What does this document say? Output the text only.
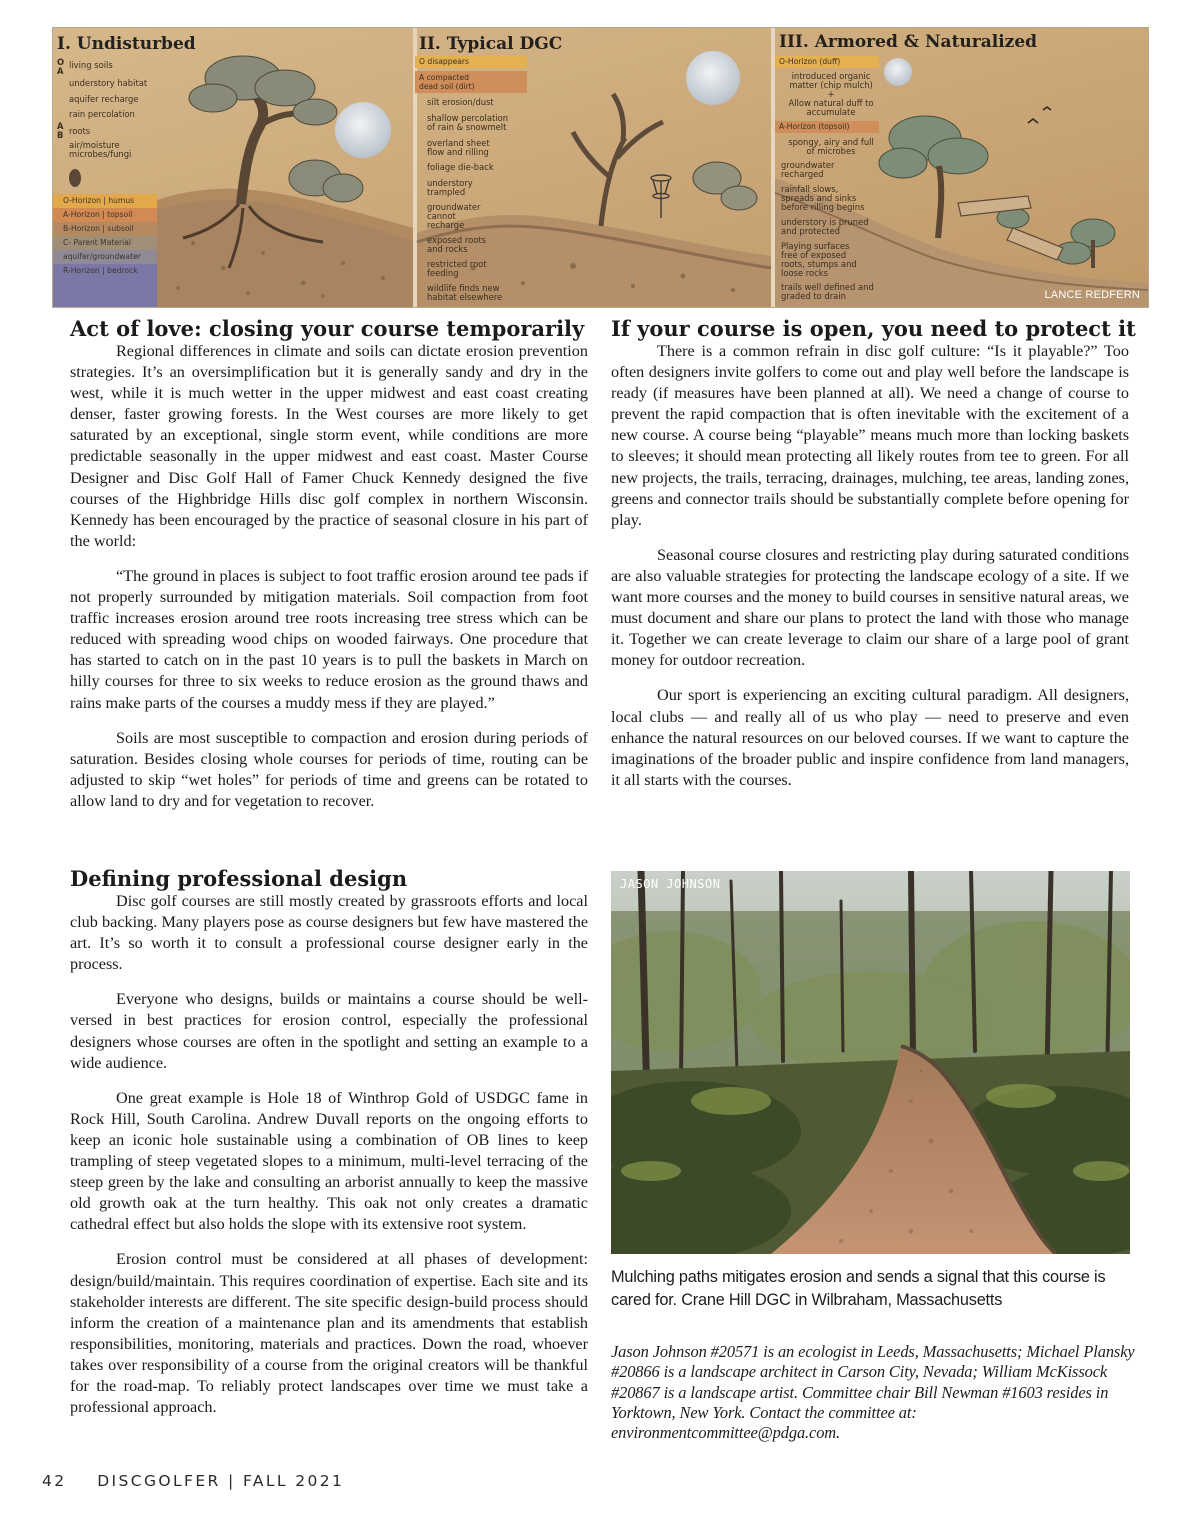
I. Undisturbed
O
A
A
B
living soils
understory habitat
aquifer recharge
rain percolation
roots
air/moisture
microbes/fungi
O-Horizon | humus
A-Horizon | topsoil
B-Horizon | subsoil
C- Parent Material
aquifer/groundwater
R-Horizon | bedrock
II. Typical DGC
O disappears
A compacted
dead soil (dirt)
silt erosion/dust
shallow percolation
of rain & snowmelt
overland sheet
flow and rilling
foliage die-back
understory
trampled
groundwater
cannot
recharge
exposed roots
and rocks
restricted root
feeding
wildlife finds new
habitat elsewhere
III. Armored & Naturalized
O-Horizon (duff)
introduced organic
matter (chip mulch)
+
Allow natural duff to
accumulate
A-Horizon (topsoil)
spongy, airy and full
of microbes
groundwater
recharged
rainfall slows,
spreads and sinks
before rilling begins
understory is pruned
and protected
Playing surfaces
free of exposed
roots, stumps and
loose rocks
trails well defined and
graded to drain	LANCE REDFERN
Act of love: closing your course temporarily

Regional differences in climate and soils can dictate erosion prevention strategies. It’s an oversimplification but it is generally sandy and dry in the west, while it is much wetter in the upper midwest and east coast creating denser, faster growing forests. In the West courses are more likely to get saturated by an exceptional, single storm event, while conditions are more predictable seasonally in the upper midwest and east coast. Master Course Designer and Disc Golf Hall of Famer Chuck Kennedy designed the five courses of the Highbridge Hills disc golf complex in northern Wisconsin. Kennedy has been encouraged by the practice of seasonal closure in his part of the world:

“The ground in places is subject to foot traffic erosion around tee pads if not properly surrounded by mitigation materials. Soil compaction from foot traffic increases erosion around tree roots increasing tree stress which can be reduced with spreading wood chips on wooded fairways. One procedure that has started to catch on in the past 10 years is to pull the baskets in March on hilly courses for three to six weeks to reduce erosion as the ground thaws and rains make parts of the courses a muddy mess if they are played.”

Soils are most susceptible to compaction and erosion during periods of saturation. Besides closing whole courses for periods of time, routing can be adjusted to skip “wet holes” for periods of time and greens can be rotated to allow land to dry and for vegetation to recover.

Defining professional design

Disc golf courses are still mostly created by grassroots efforts and local club backing. Many players pose as course designers but few have mastered the art. It’s so worth it to consult a professional course designer early in the process.

Everyone who designs, builds or maintains a course should be well-versed in best practices for erosion control, especially the professional designers whose courses are often in the spotlight and setting an example to a wide audience.

One great example is Hole 18 of Winthrop Gold of USDGC fame in Rock Hill, South Carolina. Andrew Duvall reports on the ongoing efforts to keep an iconic hole sustainable using a combination of OB lines to keep trampling of steep vegetated slopes to a minimum, multi-level terracing of the steep green by the lake and consulting an arborist annually to keep the massive old growth oak at the turn healthy. This oak not only creates a dramatic cathedral effect but also holds the slope with its extensive root system.

Erosion control must be considered at all phases of development: design/build/maintain. This requires coordination of expertise. Each site and its stakeholder interests are different. The site specific design-build process should inform the creation of a maintenance plan and its amendments that establish responsibilities, monitoring, materials and practices. Down the road, whoever takes over responsibility of a course from the original creators will be thankful for the road-map. To reliably protect landscapes over time we must take a professional approach.

If your course is open, you need to protect it

There is a common refrain in disc golf culture: “Is it playable?” Too often designers invite golfers to come out and play well before the landscape is ready (if measures have been planned at all). We need a change of course to prevent the rapid compaction that is often inevitable with the excitement of a new course. A course being “playable” means much more than locking baskets to sleeves; it should mean protecting all likely routes from tee to green. For all new projects, the trails, terracing, drainages, mulching, tee areas, landing zones, greens and connector trails should be substantially complete before opening for play.

Seasonal course closures and restricting play during saturated conditions are also valuable strategies for protecting the landscape ecology of a site. If we want more courses and the money to build courses in sensitive natural areas, we must document and share our plans to protect the land with those who manage it. Together we can create leverage to claim our share of a large pool of grant money for outdoor recreation.

Our sport is experiencing an exciting cultural paradigm. All designers, local clubs — and really all of us who play — need to preserve and even enhance the natural resources on our beloved courses. If we want to capture the imaginations of the broader public and inspire confidence from land managers, it all starts with the courses.

JASON JOHNSON
Mulching paths mitigates erosion and sends a signal that this course is cared for. Crane Hill DGC in Wilbraham, Massachusetts
Jason Johnson #20571 is an ecologist in Leeds, Massachusetts; Michael Plansky #20866 is a landscape architect in Carson City, Nevada; William McKissock #20867 is a landscape artist. Committee chair Bill Newman #1603 resides in Yorktown, New York. Contact the committee at: environmentcommittee@pdga.com.
42 DISCGOLFER | FALL 2021
